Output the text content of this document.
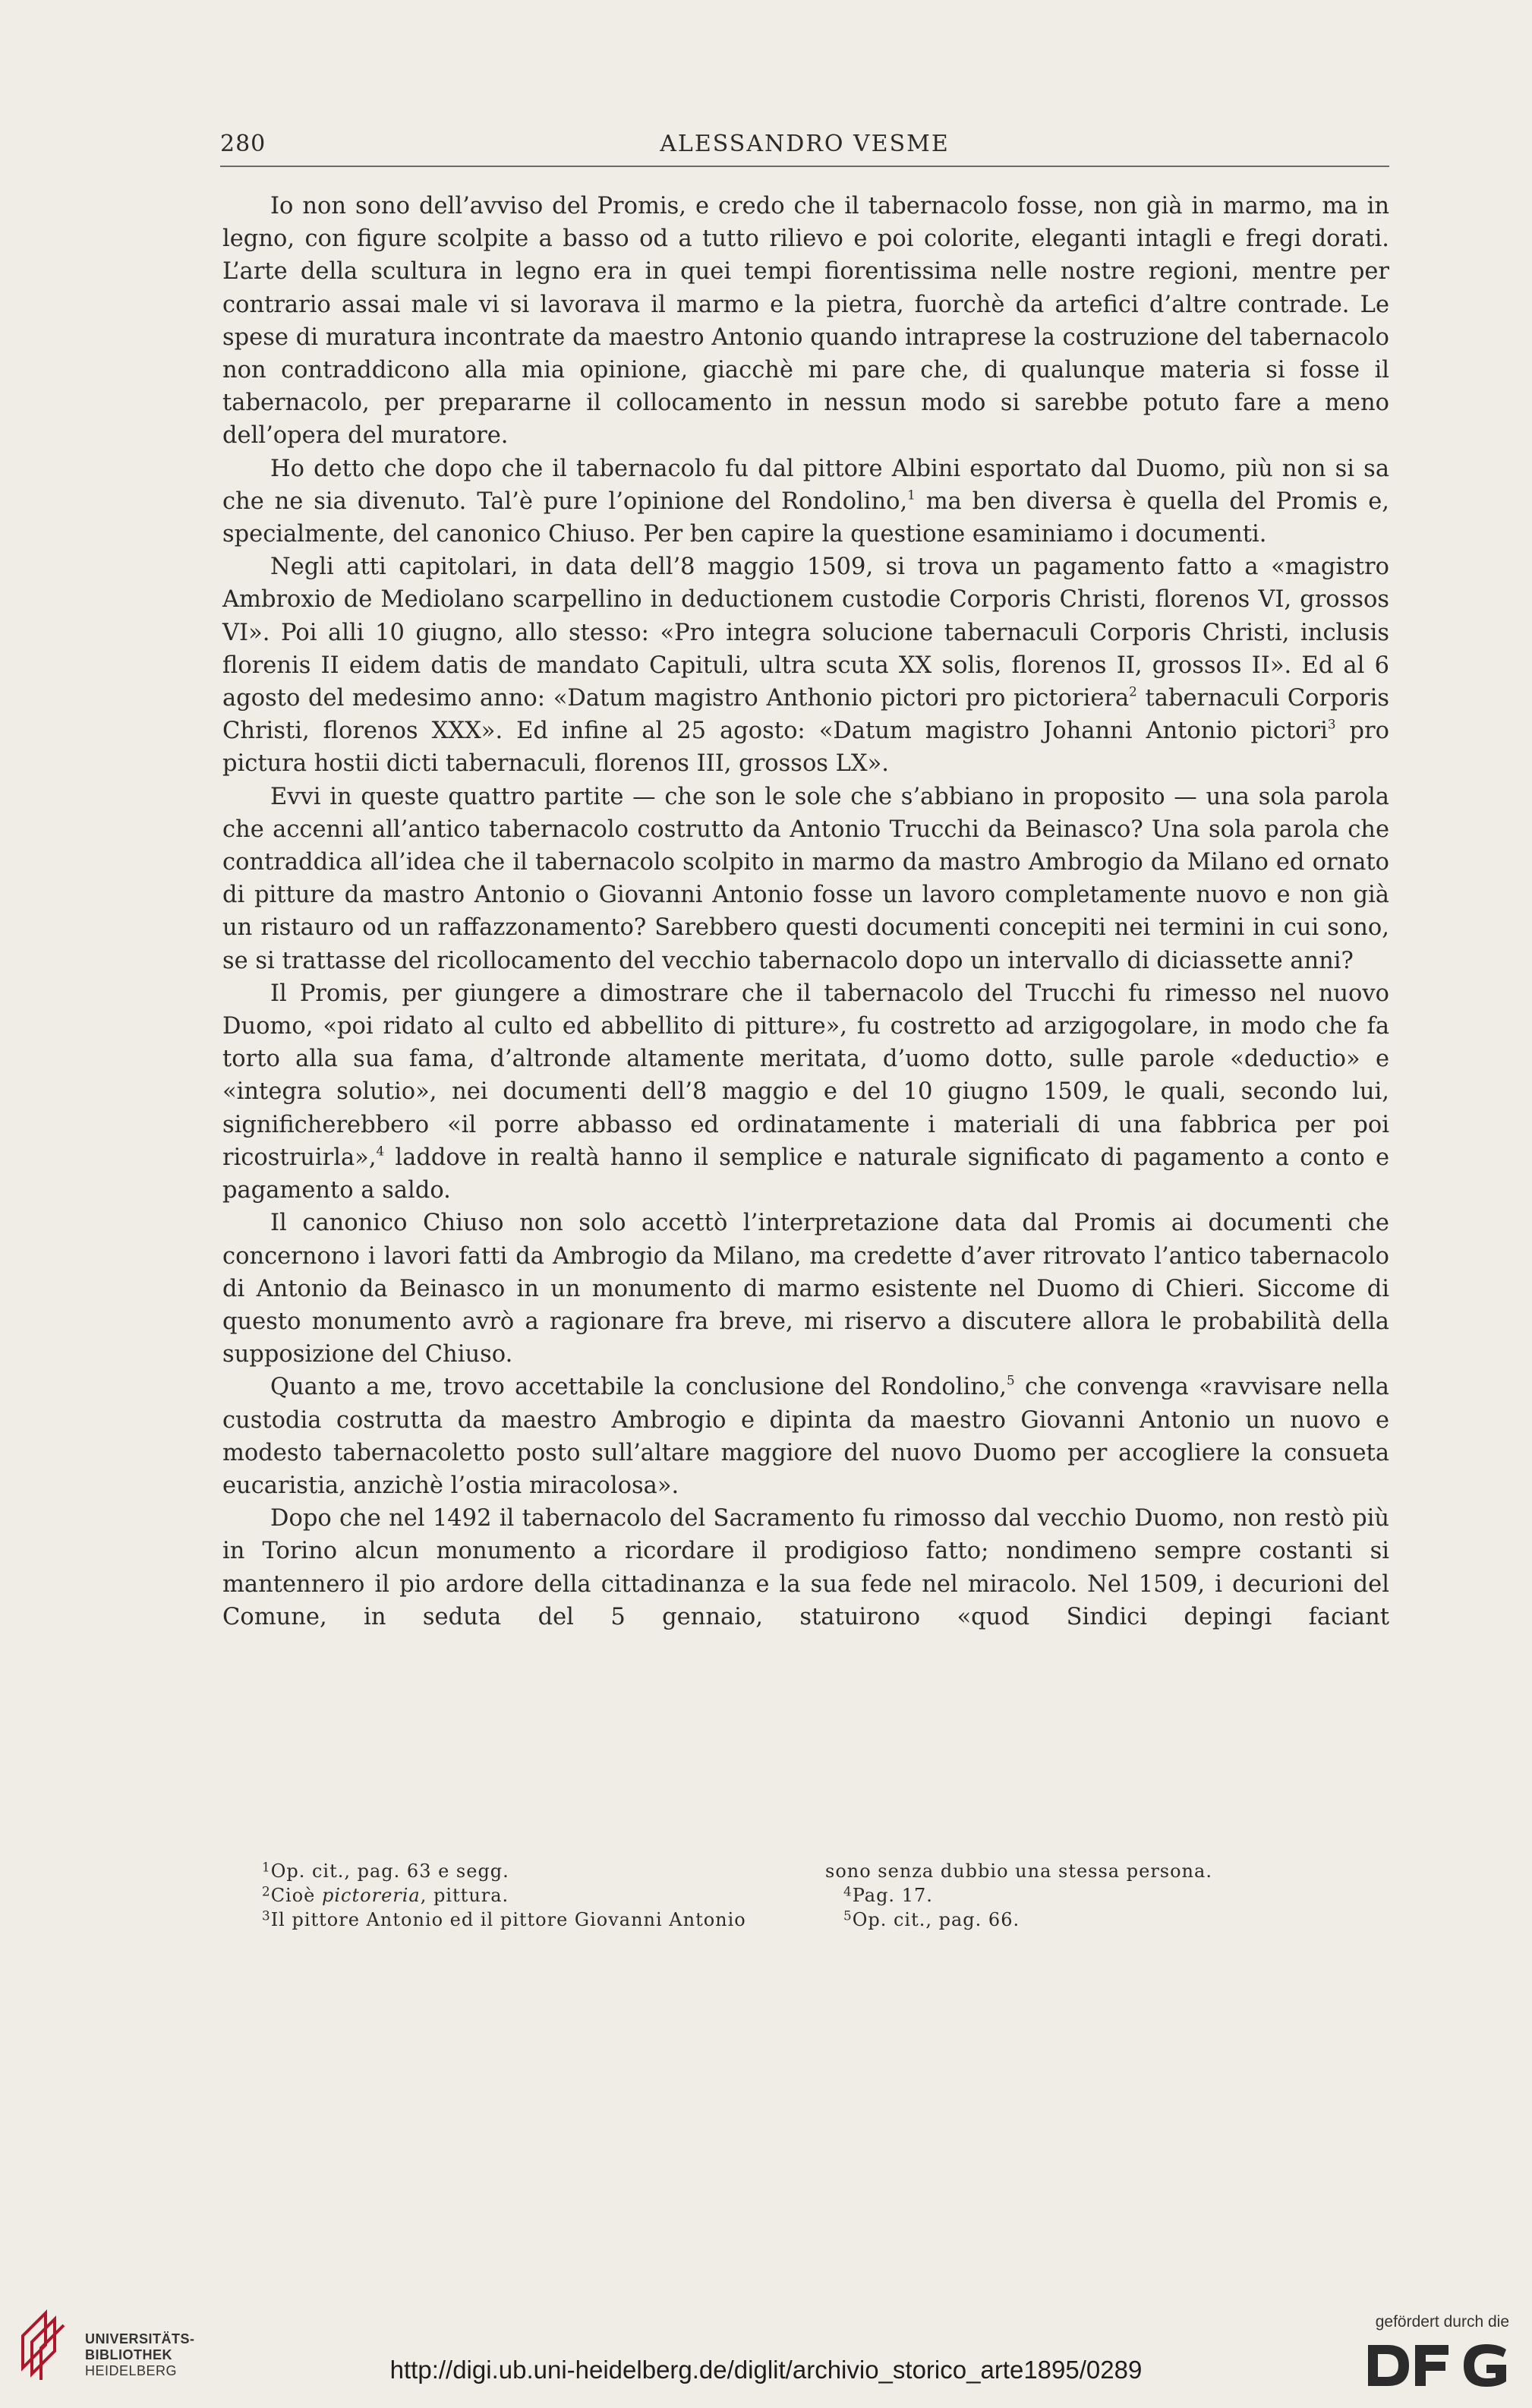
280	ALESSANDRO VESME

Io non sono dell’avviso del Promis, e credo che il tabernacolo fosse, non già in marmo, ma in legno, con figure scolpite a basso od a tutto rilievo e poi colorite, eleganti intagli e fregi dorati. L’arte della scultura in legno era in quei tempi fiorentissima nelle nostre regioni, mentre per contrario assai male vi si lavorava il marmo e la pietra, fuorchè da artefici d’altre contrade. Le spese di muratura incontrate da maestro Antonio quando intraprese la costruzione del tabernacolo non contraddicono alla mia opinione, giacchè mi pare che, di qualunque materia si fosse il tabernacolo, per prepararne il collocamento in nessun modo si sarebbe potuto fare a meno dell’opera del muratore.

Ho detto che dopo che il tabernacolo fu dal pittore Albini esportato dal Duomo, più non si sa che ne sia divenuto. Tal’è pure l’opinione del Rondolino,$^1$ ma ben diversa è quella del Promis e, specialmente, del canonico Chiuso. Per ben capire la questione esaminiamo i documenti.

Negli atti capitolari, in data dell’8 maggio 1509, si trova un pagamento fatto a «magistro Ambroxio de Mediolano scarpellino in deductionem custodie Corporis Christi, florenos VI, grossos VI». Poi alli 10 giugno, allo stesso: «Pro integra solucione tabernaculi Corporis Christi, inclusis florenis II eidem datis de mandato Capituli, ultra scuta XX solis, florenos II, grossos II». Ed al 6 agosto del medesimo anno: «Datum magistro Anthonio pictori pro pictoriera$^2$ tabernaculi Corporis Christi, florenos XXX». Ed infine al 25 agosto: «Datum magistro Johanni Antonio pictori$^3$ pro pictura hostii dicti tabernaculi, florenos III, grossos LX».

Evvi in queste quattro partite — che son le sole che s’abbiano in proposito — una sola parola che accenni all’antico tabernacolo costrutto da Antonio Trucchi da Beinasco? Una sola parola che contraddica all’idea che il tabernacolo scolpito in marmo da mastro Ambrogio da Milano ed ornato di pitture da mastro Antonio o Giovanni Antonio fosse un lavoro completamente nuovo e non già un ristauro od un raffazzonamento? Sarebbero questi documenti concepiti nei termini in cui sono, se si trattasse del ricollocamento del vecchio tabernacolo dopo un intervallo di diciassette anni?

Il Promis, per giungere a dimostrare che il tabernacolo del Trucchi fu rimesso nel nuovo Duomo, «poi ridato al culto ed abbellito di pitture», fu costretto ad arzigogolare, in modo che fa torto alla sua fama, d’altronde altamente meritata, d’uomo dotto, sulle parole «deductio» e «integra solutio», nei documenti dell’8 maggio e del 10 giugno 1509, le quali, secondo lui, significherebbero «il porre abbasso ed ordinatamente i materiali di una fabbrica per poi ricostruirla»,$^4$ laddove in realtà hanno il semplice e naturale significato di pagamento a conto e pagamento a saldo.

Il canonico Chiuso non solo accettò l’interpretazione data dal Promis ai documenti che concernono i lavori fatti da Ambrogio da Milano, ma credette d’aver ritrovato l’antico tabernacolo di Antonio da Beinasco in un monumento di marmo esistente nel Duomo di Chieri. Siccome di questo monumento avrò a ragionare fra breve, mi riservo a discutere allora le probabilità della supposizione del Chiuso.

Quanto a me, trovo accettabile la conclusione del Rondolino,$^5$ che convenga «ravvisare nella custodia costrutta da maestro Ambrogio e dipinta da maestro Giovanni Antonio un nuovo e modesto tabernacoletto posto sull’altare maggiore del nuovo Duomo per accogliere la consueta eucaristia, anzichè l’ostia miracolosa».

Dopo che nel 1492 il tabernacolo del Sacramento fu rimosso dal vecchio Duomo, non restò più in Torino alcun monumento a ricordare il prodigioso fatto; nondimeno sempre costanti si mantennero il pio ardore della cittadinanza e la sua fede nel miracolo. Nel 1509, i decurioni del Comune, in seduta del 5 gennaio, statuirono «quod Sindici depingi faciant

$^1$Op. cit., pag. 63 e segg.
$^2$Cioè pictoreria, pittura.
$^3$Il pittore Antonio ed il pittore Giovanni Antonio
sono senza dubbio una stessa persona.
$^4$Pag. 17.
$^5$Op. cit., pag. 66.
UNIVERSITÄTS-
BIBLIOTHEK
HEIDELBERG	http://digi.ub.uni-heidelberg.de/diglit/archivio_storico_arte1895/0289
gefördert durch die
DFG
